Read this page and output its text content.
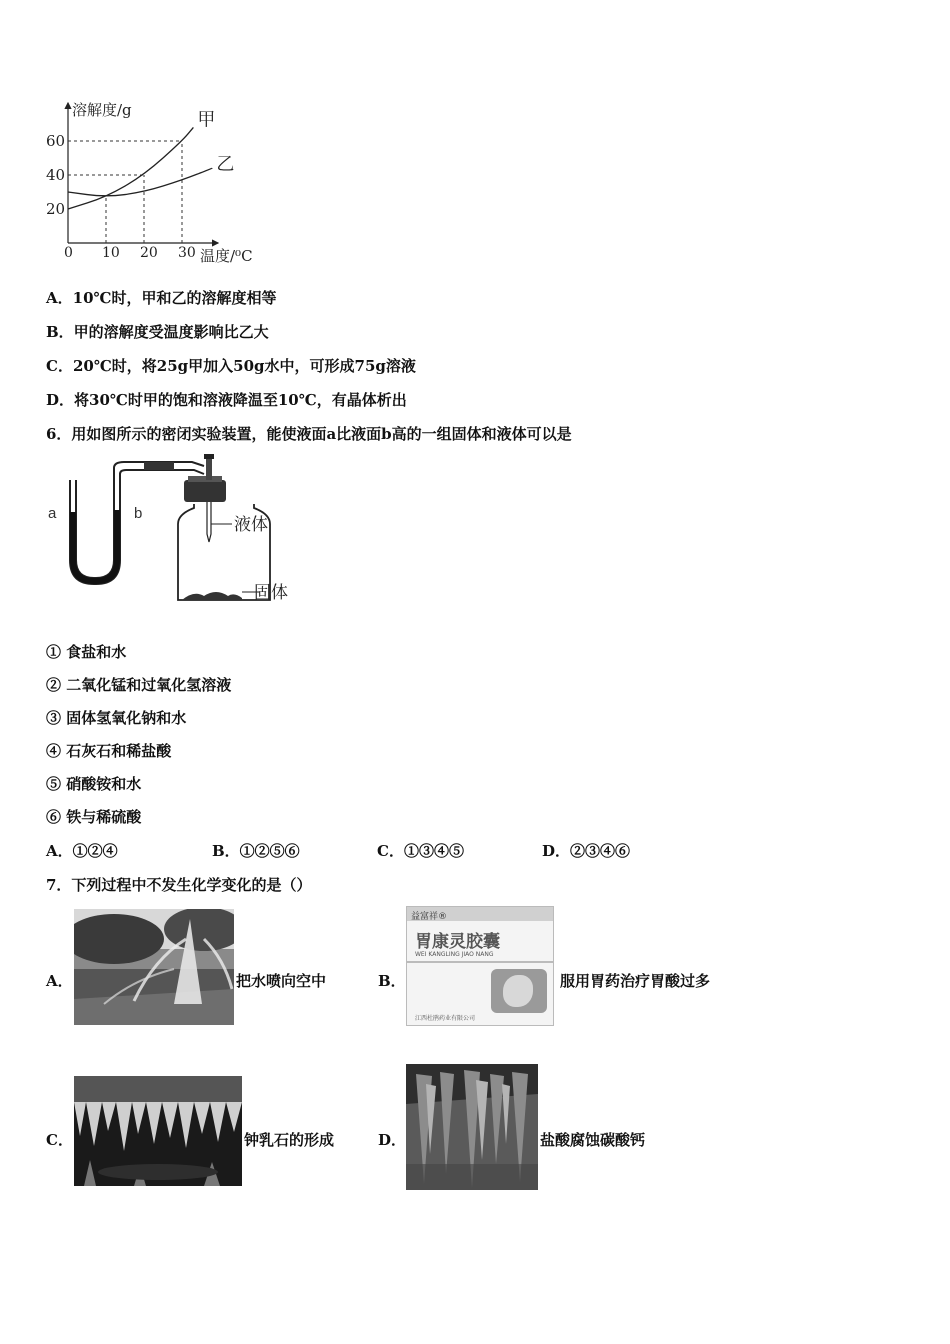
溶解度/g
温度/⁰C
0 10 20 30
20
40
60
甲
乙
A．10℃时，甲和乙的溶解度相等
B．甲的溶解度受温度影响比乙大
C．20℃时，将25g甲加入50g水中，可形成75g溶液
D．将30℃时甲的饱和溶液降温至10℃，有晶体析出
6．用如图所示的密闭实验装置，能使液面a比液面b高的一组固体和液体可以是
a	b
液体
固体
① 食盐和水
② 二氧化锰和过氧化氢溶液
③ 固体氢氧化钠和水
④ 石灰石和稀盐酸
⑤ 硝酸铵和水
⑥ 铁与稀硫酸
A．①②④	B．①②⑤⑥	C．①③④⑤	D．②③④⑥
7．下列过程中不发生化学变化的是（）
A．	把水喷向空中	B．
益富祥®
胃康灵胶囊
WEI KANGLING JIAO NANG
江西杜鹃药业有限公司
服用胃药治疗胃酸过多
C．	钟乳石的形成	D．	盐酸腐蚀碳酸钙
